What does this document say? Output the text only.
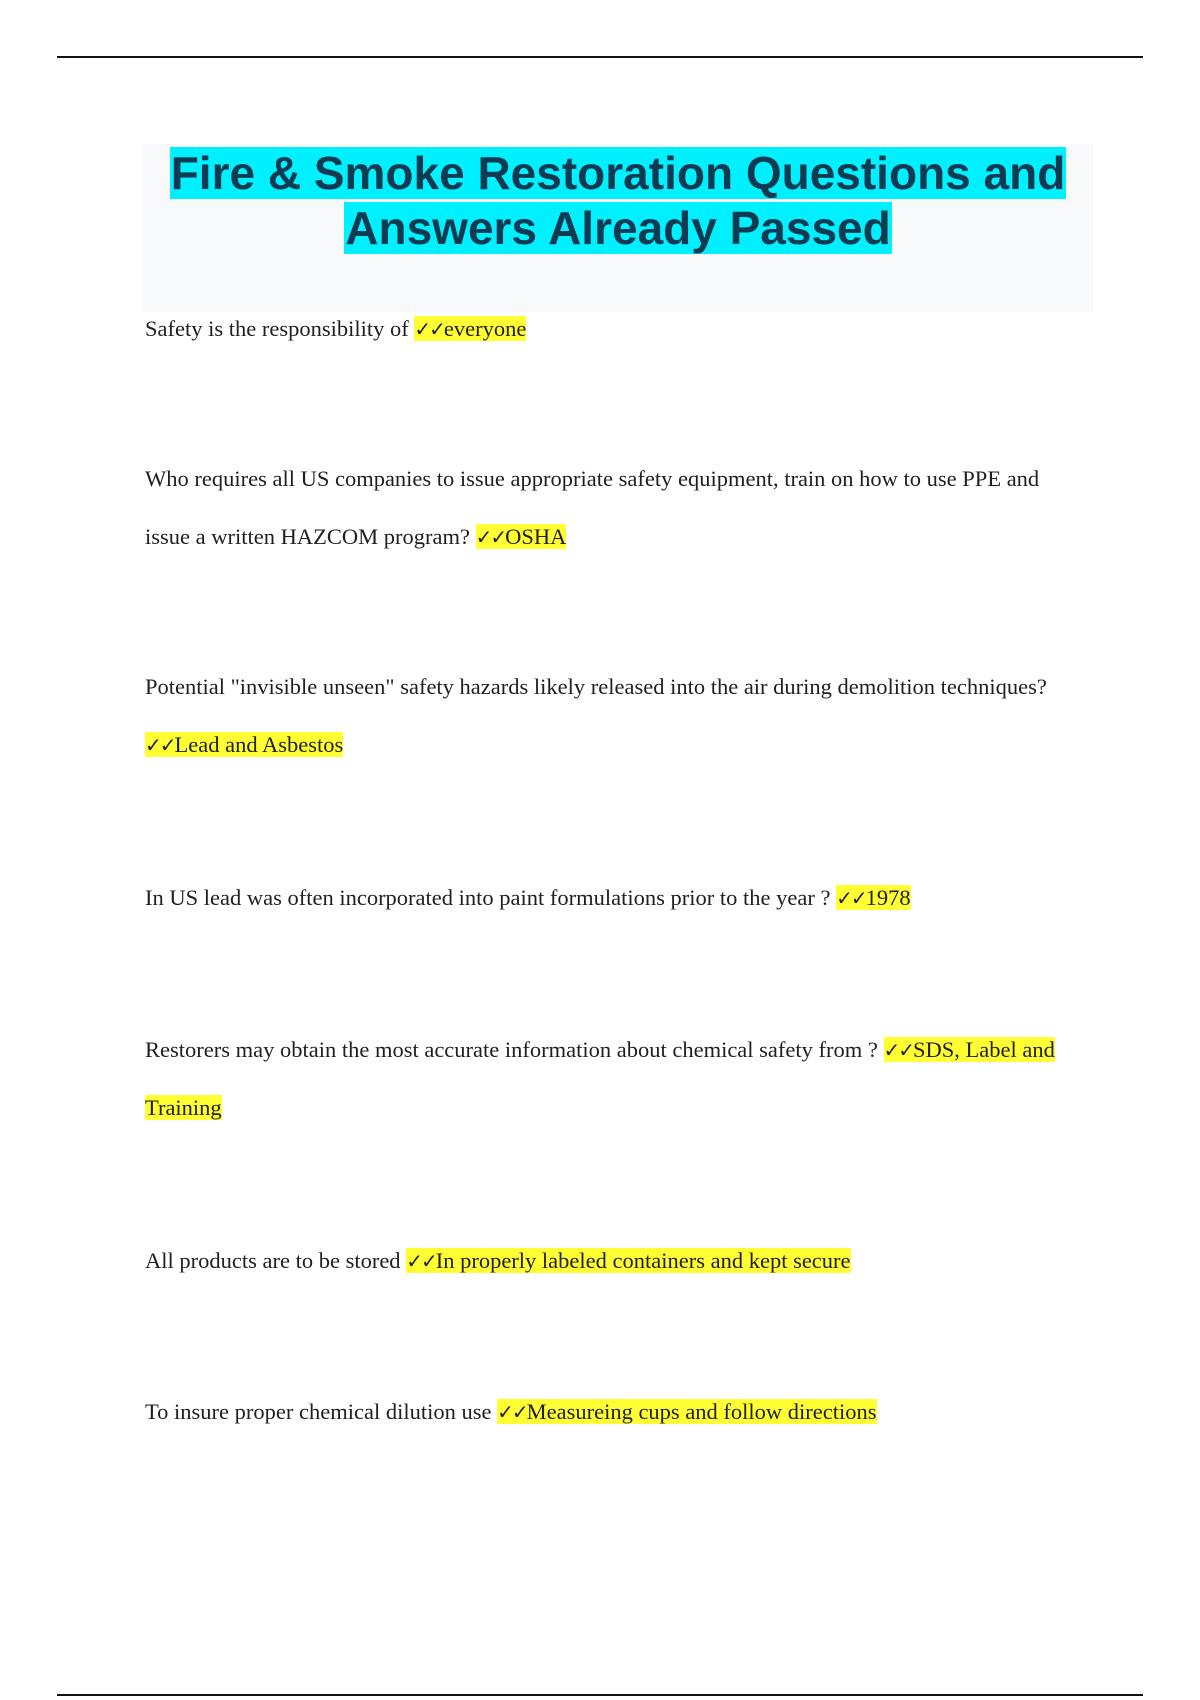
Fire & Smoke Restoration Questions and
Answers Already Passed
Safety is the responsibility of ✓✓everyone
Who requires all US companies to issue appropriate safety equipment, train on how to use PPE and issue a written HAZCOM program? ✓✓OSHA
Potential "invisible unseen" safety hazards likely released into the air during demolition techniques? ✓✓Lead and Asbestos
In US lead was often incorporated into paint formulations prior to the year ? ✓✓1978
Restorers may obtain the most accurate information about chemical safety from ? ✓✓SDS, Label and Training
All products are to be stored ✓✓In properly labeled containers and kept secure
To insure proper chemical dilution use ✓✓Measureing cups and follow directions
